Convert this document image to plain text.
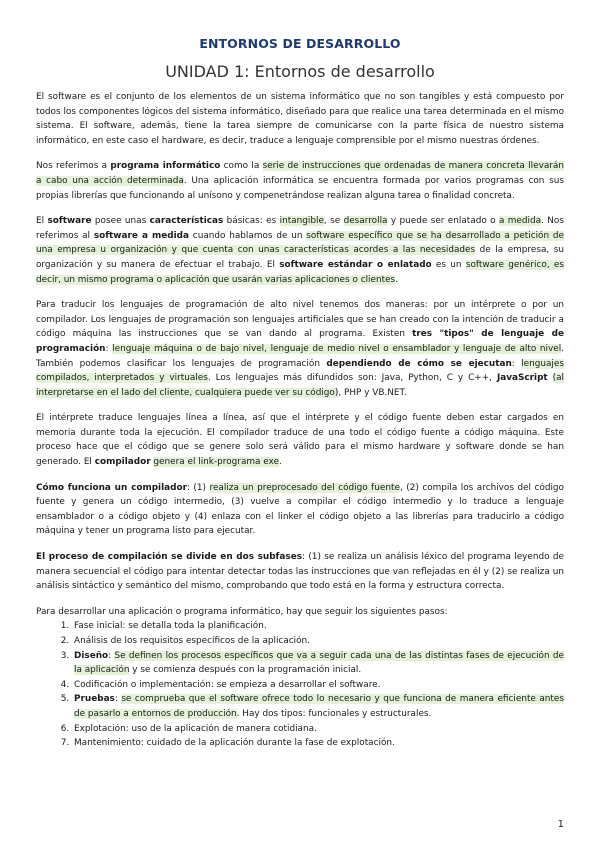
ENTORNOS DE DESARROLLO
UNIDAD 1: Entornos de desarrollo

El software es el conjunto de los elementos de un sistema informático que no son tangibles y está compuesto por todos los componentes lógicos del sistema informático, diseñado para que realice una tarea determinada en el mismo sistema. El software, además, tiene la tarea siempre de comunicarse con la parte física de nuestro sistema informático, en este caso el hardware, es decir, traduce a lenguaje comprensible por el mismo nuestras órdenes.

Nos referimos a programa informático como la serie de instrucciones que ordenadas de manera concreta llevarán a cabo una acción determinada. Una aplicación informática se encuentra formada por varios programas con sus propias librerías que funcionando al unísono y compenetrándose realizan alguna tarea o finalidad concreta.

El software posee unas características básicas: es intangible, se desarrolla y puede ser enlatado o a medida. Nos referimos al software a medida cuando hablamos de un software específico que se ha desarrollado a petición de una empresa u organización y que cuenta con unas características acordes a las necesidades de la empresa, su organización y su manera de efectuar el trabajo. El software estándar o enlatado es un software genérico, es decir, un mismo programa o aplicación que usarán varias aplicaciones o clientes.

Para traducir los lenguajes de programación de alto nivel tenemos dos maneras: por un intérprete o por un compilador. Los lenguajes de programación son lenguajes artificiales que se han creado con la intención de traducir a código máquina las instrucciones que se van dando al programa. Existen tres "tipos" de lenguaje de programación: lenguaje máquina o de bajo nivel, lenguaje de medio nivel o ensamblador y lenguaje de alto nivel. También podemos clasificar los lenguajes de programación dependiendo de cómo se ejecutan: lenguajes compilados, interpretados y virtuales. Los lenguajes más difundidos son: Java, Python, C y C++, JavaScript (al interpretarse en el lado del cliente, cualquiera puede ver su código), PHP y VB.NET.

El intérprete traduce lenguajes línea a línea, así que el intérprete y el código fuente deben estar cargados en memoria durante toda la ejecución. El compilador traduce de una todo el código fuente a código máquina. Este proceso hace que el código que se genere solo será válido para el mismo hardware y software donde se han generado. El compilador genera el link-programa exe.

Cómo funciona un compilador: (1) realiza un preprocesado del código fuente, (2) compila los archivos del código fuente y genera un código intermedio, (3) vuelve a compilar el código intermedio y lo traduce a lenguaje ensamblador o a código objeto y (4) enlaza con el linker el código objeto a las librerías para traducirlo a código máquina y tener un programa listo para ejecutar.

El proceso de compilación se divide en dos subfases: (1) se realiza un análisis léxico del programa leyendo de manera secuencial el código para intentar detectar todas las instrucciones que van reflejadas en él y (2) se realiza un análisis sintáctico y semántico del mismo, comprobando que todo está en la forma y estructura correcta.

Para desarrollar una aplicación o programa informático, hay que seguir los siguientes pasos:

1. Fase inicial: se detalla toda la planificación.
2. Análisis de los requisitos específicos de la aplicación.
3. Diseño: Se definen los procesos específicos que va a seguir cada una de las distintas fases de ejecución de la aplicación y se comienza después con la programación inicial.
4. Codificación o implementación: se empieza a desarrollar el software.
5. Pruebas: se comprueba que el software ofrece todo lo necesario y que funciona de manera eficiente antes de pasarlo a entornos de producción. Hay dos tipos: funcionales y estructurales.
6. Explotación: uso de la aplicación de manera cotidiana.
7. Mantenimiento: cuidado de la aplicación durante la fase de explotación.
1
